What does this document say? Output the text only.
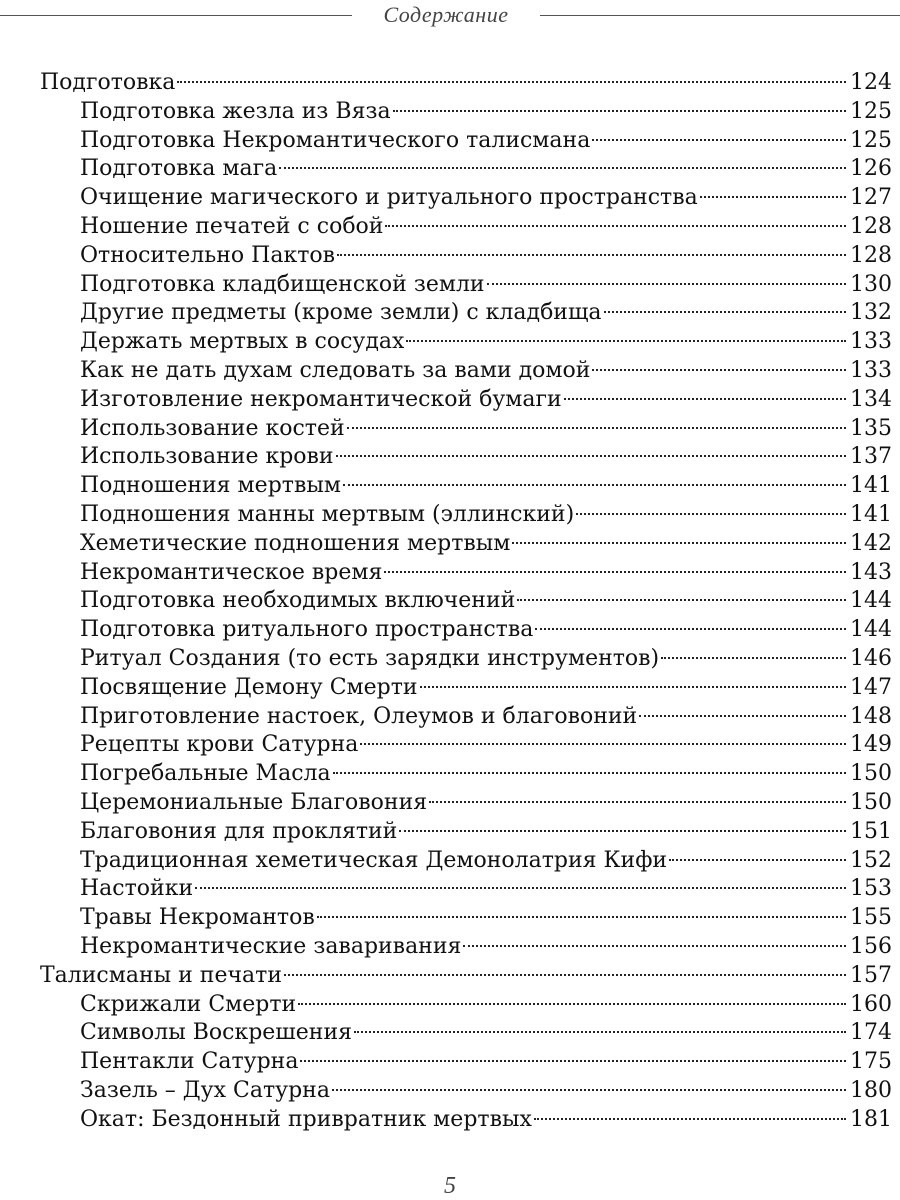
Содержание
Подготовка	124
Подготовка жезла из Вяза	125
Подготовка Некромантического талисмана	125
Подготовка мага	126
Очищение магического и ритуального пространства	127
Ношение печатей с собой	128
Относительно Пактов	128
Подготовка кладбищенской земли	130
Другие предметы (кроме земли) с кладбища	132
Держать мертвых в сосудах	133
Как не дать духам следовать за вами домой	133
Изготовление некромантической бумаги	134
Использование костей	135
Использование крови	137
Подношения мертвым	141
Подношения манны мертвым (эллинский)	141
Хеметические подношения мертвым	142
Некромантическое время	143
Подготовка необходимых включений	144
Подготовка ритуального пространства	144
Ритуал Создания (то есть зарядки инструментов)	146
Посвящение Демону Смерти	147
Приготовление настоек, Олеумов и благовоний	148
Рецепты крови Сатурна	149
Погребальные Масла	150
Церемониальные Благовония	150
Благовония для проклятий	151
Традиционная хеметическая Демонолатрия Кифи	152
Настойки	153
Травы Некромантов	155
Некромантические заваривания	156
Талисманы и печати	157
Скрижали Смерти	160
Символы Воскрешения	174
Пентакли Сатурна	175
Зазель – Дух Сатурна	180
Окат: Бездонный привратник мертвых	181
5
